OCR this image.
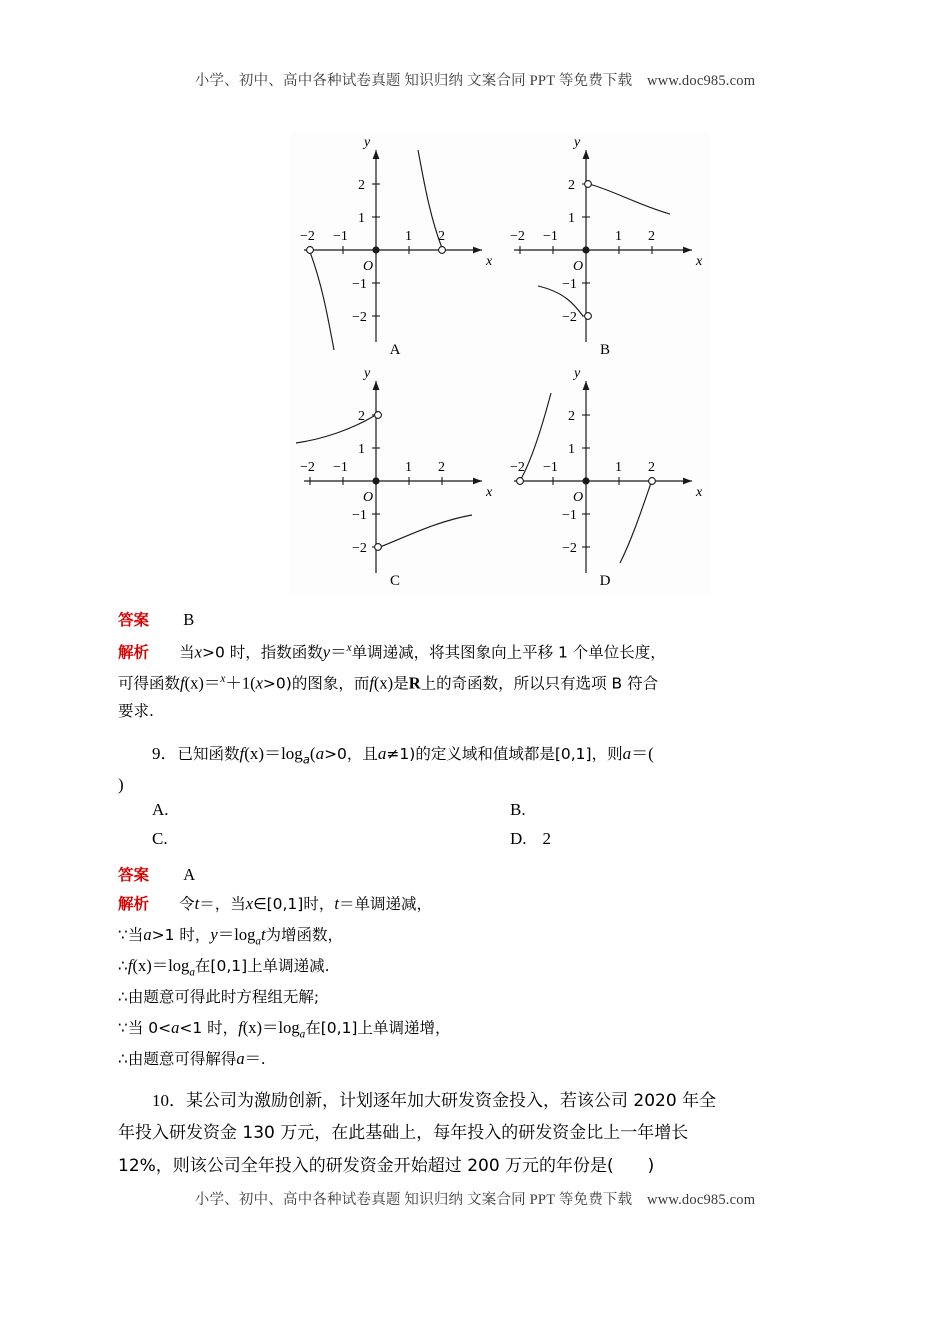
小学、初中、高中各种试卷真题 知识归纳 文案合同 PPT 等免费下载　www.doc985.com
y
x
O
−2 −1	1 2
2
1
−1
−2
A
y
x
O
−2 −1	1 2
2
1
−1
−2
B
y
x
O
−2 −1	1 2
2
1
−1
−2
C
y
x
O
−2 −1	1 2
2
1
−1
−2
D
答案 B
解析 当x>0 时，指数函数y＝$^x$单调递减，将其图象向上平移 1 个单位长度，
可得函数f(x)＝$^x$＋1(x>0)的图象，而f(x)是R上的奇函数，所以只有选项 B 符合
要求.
9．已知函数$f(x)=\log_a(a>0$，且a≠1)的定义域和值域都是[0,1]，则a＝(
)
A.	B.
C.	D. 2
答案 A
解析 令t＝，当x∈[0,1]时，t＝单调递减，
∵当a>1 时，$y=\log_at$为增函数，
$\therefore f(x)=\log_a$在[0,1]上单调递减.
∴由题意可得此时方程组无解;
∵当 0<a<1 时，$f(x)=\log_a$在[0,1]上单调递增，
∴由题意可得解得a＝.
10．某公司为激励创新，计划逐年加大研发资金投入，若该公司 2020 年全
年投入研发资金 130 万元，在此基础上，每年投入的研发资金比上一年增长
12%，则该公司全年投入的研发资金开始超过 200 万元的年份是(　　)
小学、初中、高中各种试卷真题 知识归纳 文案合同 PPT 等免费下载　www.doc985.com
